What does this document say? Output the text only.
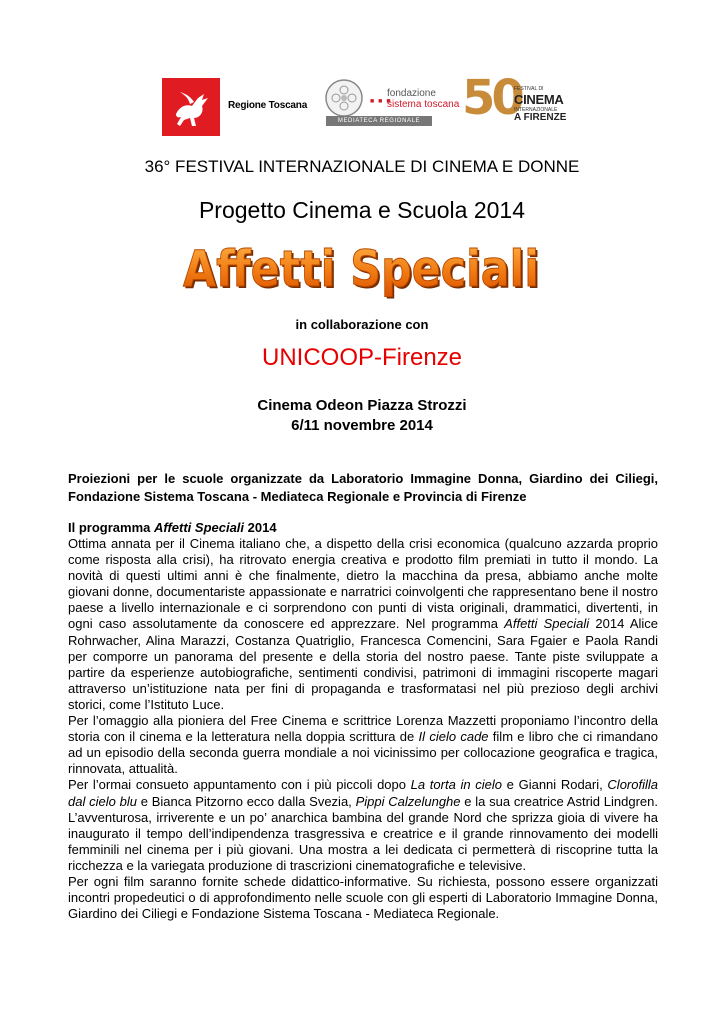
Regione Toscana	■ ■ ■
fondazione
sistema toscana
MEDIATECA REGIONALE 50
FESTIVAL DI
CINEMA
INTERNAZIONALE
A FIRENZE
36° FESTIVAL INTERNAZIONALE DI CINEMA E DONNE
Progetto Cinema e Scuola 2014
Affetti Speciali
Affetti Speciali
in collaborazione con
UNICOOP-Firenze
Cinema Odeon Piazza Strozzi
6/11 novembre 2014
Proiezioni per le scuole organizzate da Laboratorio Immagine Donna, Giardino dei Ciliegi, Fondazione Sistema Toscana - Mediateca Regionale e Provincia di Firenze
Il programma Affetti Speciali 2014

Ottima annata per il Cinema italiano che, a dispetto della crisi economica (qualcuno azzarda proprio come risposta alla crisi), ha ritrovato energia creativa e prodotto film premiati in tutto il mondo. La novità di questi ultimi anni è che finalmente, dietro la macchina da presa, abbiamo anche molte giovani donne, documentariste appassionate e narratrici coinvolgenti che rappresentano bene il nostro paese a livello internazionale e ci sorprendono con punti di vista originali, drammatici, divertenti, in ogni caso assolutamente da conoscere ed apprezzare. Nel programma Affetti Speciali 2014 Alice Rohrwacher, Alina Marazzi, Costanza Quatriglio, Francesca Comencini, Sara Fgaier e Paola Randi per comporre un panorama del presente e della storia del nostro paese. Tante piste sviluppate a partire da esperienze autobiografiche, sentimenti condivisi, patrimoni di immagini riscoperte magari attraverso un’istituzione nata per fini di propaganda e trasformatasi nel più prezioso degli archivi storici, come l’Istituto Luce.

Per l’omaggio alla pioniera del Free Cinema e scrittrice Lorenza Mazzetti proponiamo l’incontro della storia con il cinema e la letteratura nella doppia scrittura de Il cielo cade film e libro che ci rimandano ad un episodio della seconda guerra mondiale a noi vicinissimo per collocazione geografica e tragica, rinnovata, attualità.

Per l’ormai consueto appuntamento con i più piccoli dopo La torta in cielo e Gianni Rodari, Clorofilla dal cielo blu e Bianca Pitzorno ecco dalla Svezia, Pippi Calzelunghe e la sua creatrice Astrid Lindgren. L’avventurosa, irriverente e un po’ anarchica bambina del grande Nord che sprizza gioia di vivere ha inaugurato il tempo dell’indipendenza trasgressiva e creatrice e il grande rinnovamento dei modelli femminili nel cinema per i più giovani. Una mostra a lei dedicata ci permetterà di riscoprine tutta la ricchezza e la variegata produzione di trascrizioni cinematografiche e televisive.

Per ogni film saranno fornite schede didattico-informative. Su richiesta, possono essere organizzati incontri propedeutici o di approfondimento nelle scuole con gli esperti di Laboratorio Immagine Donna, Giardino dei Ciliegi e Fondazione Sistema Toscana - Mediateca Regionale.
